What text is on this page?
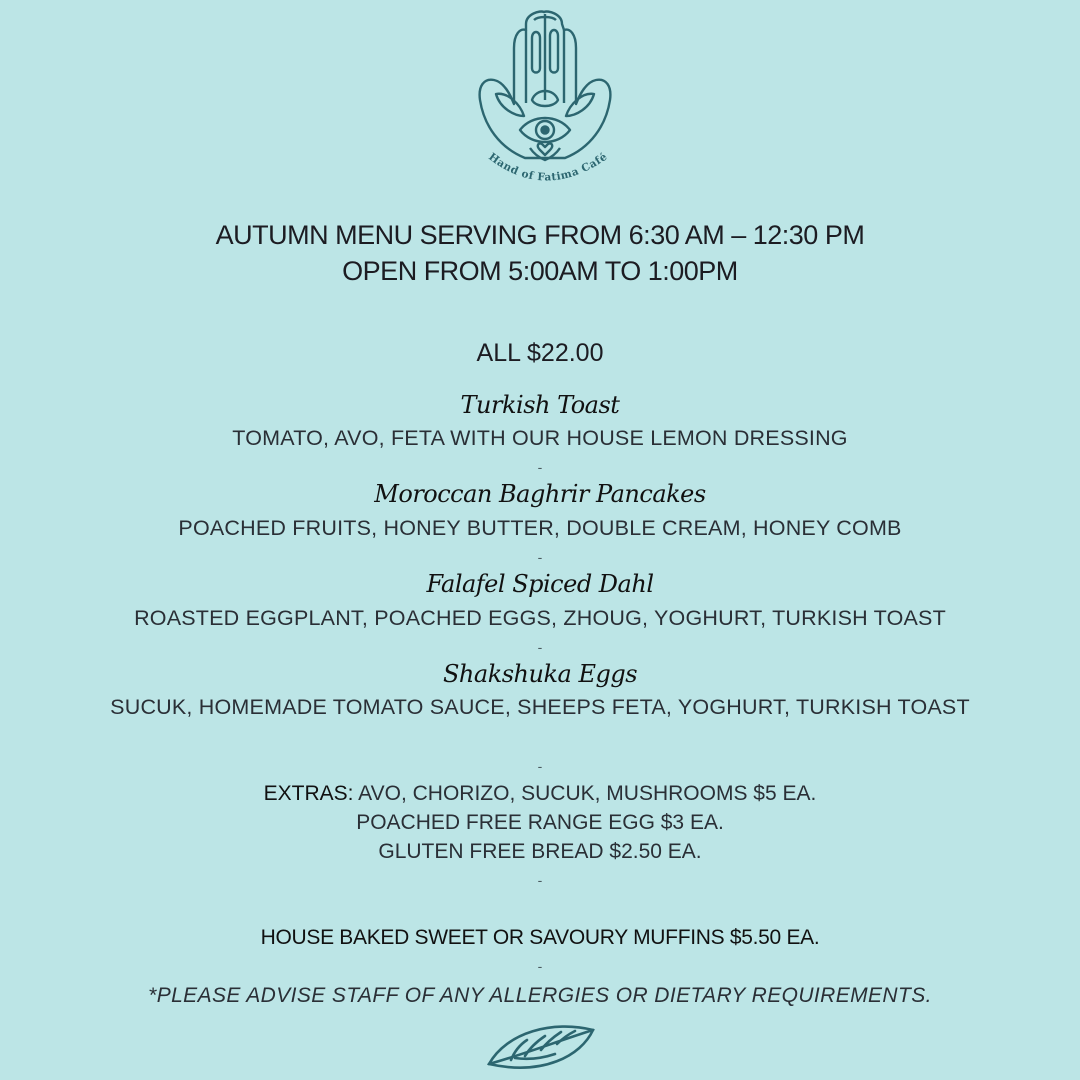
Hand of Fatima Café
AUTUMN MENU SERVING FROM 6:30 AM – 12:30 PM
OPEN FROM 5:00AM TO 1:00PM
ALL $22.00
Turkish Toast
TOMATO, AVO, FETA WITH OUR HOUSE LEMON DRESSING
-
Moroccan Baghrir Pancakes
POACHED FRUITS, HONEY BUTTER, DOUBLE CREAM, HONEY COMB
-
Falafel Spiced Dahl
ROASTED EGGPLANT, POACHED EGGS, ZHOUG, YOGHURT, TURKISH TOAST
-
Shakshuka Eggs
SUCUK, HOMEMADE TOMATO SAUCE, SHEEPS FETA, YOGHURT, TURKISH TOAST
-
EXTRAS: AVO, CHORIZO, SUCUK, MUSHROOMS $5 EA.
POACHED FREE RANGE EGG $3 EA.
GLUTEN FREE BREAD $2.50 EA.
-
HOUSE BAKED SWEET OR SAVOURY MUFFINS $5.50 EA.
-
*PLEASE ADVISE STAFF OF ANY ALLERGIES OR DIETARY REQUIREMENTS.
